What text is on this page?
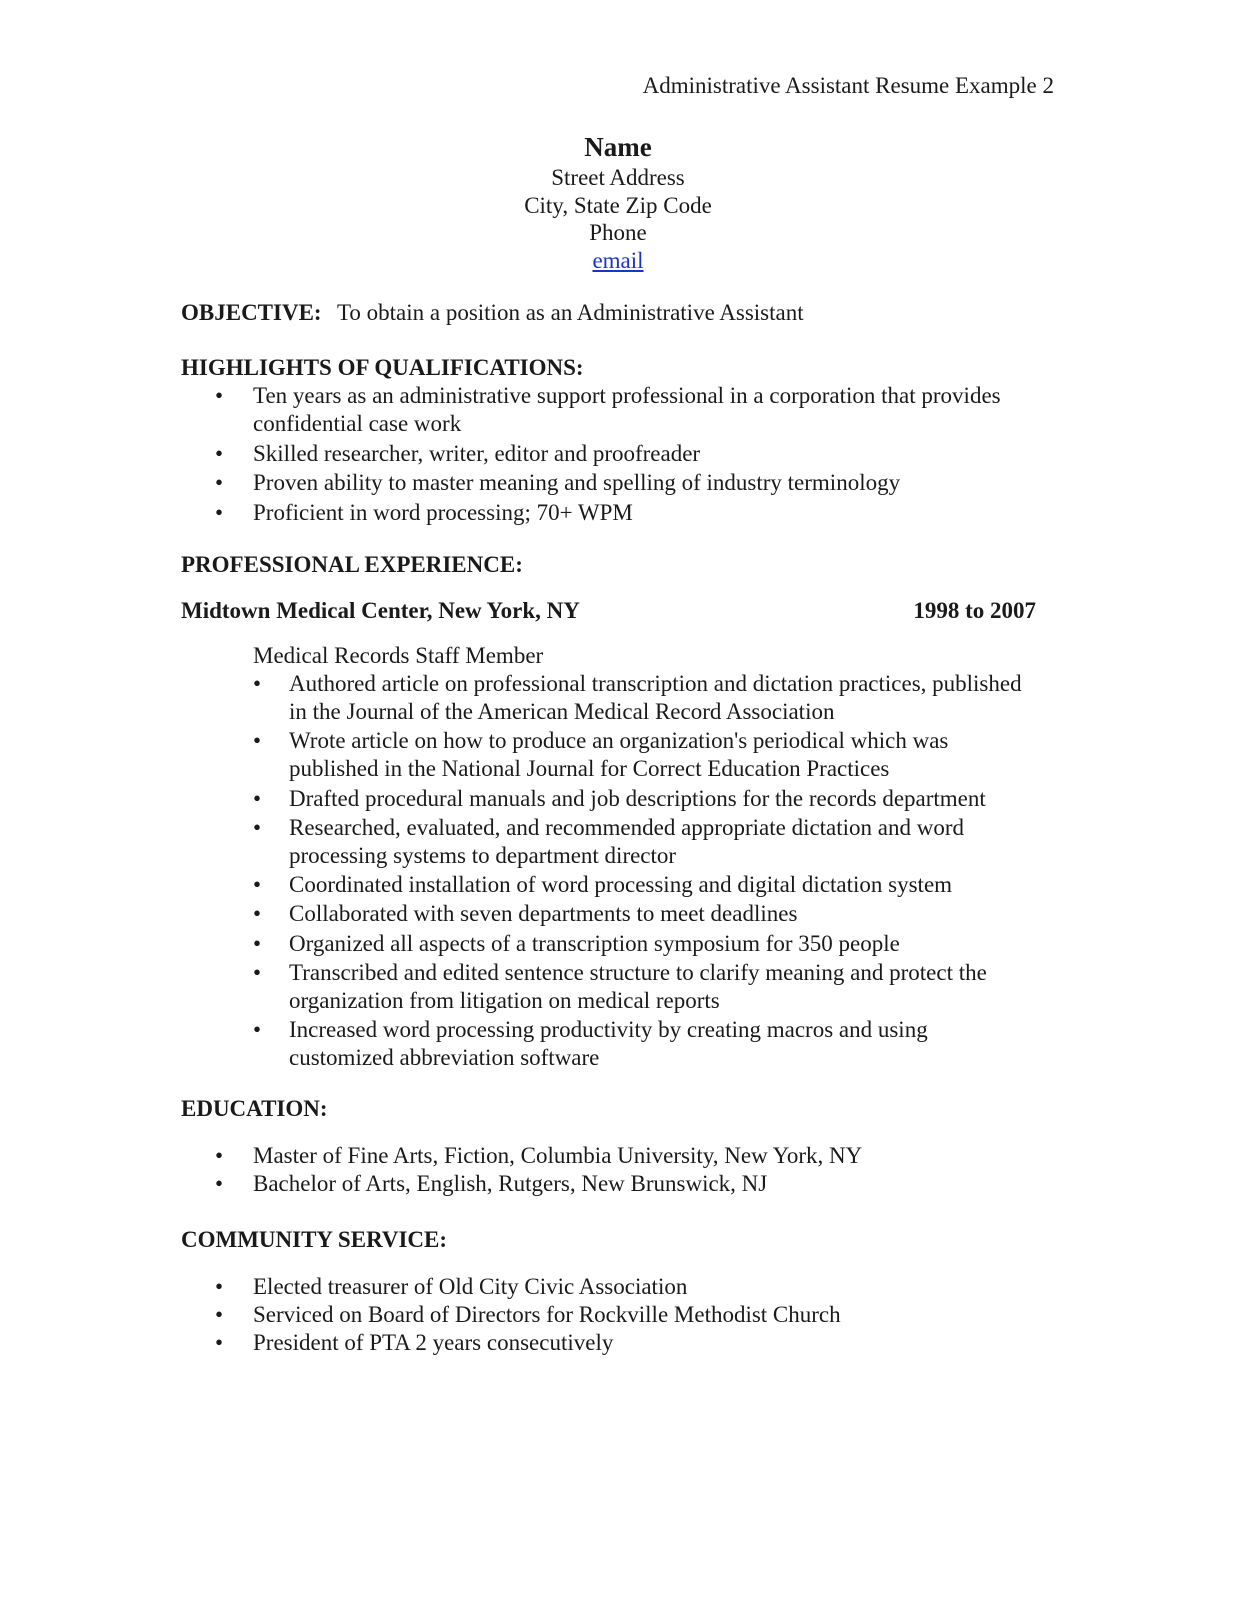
Administrative Assistant Resume Example 2
Name
Street Address
City, State Zip Code
Phone
email
OBJECTIVE: To obtain a position as an Administrative Assistant
HIGHLIGHTS OF QUALIFICATIONS:
• Ten years as an administrative support professional in a corporation that provides confidential case work
• Skilled researcher, writer, editor and proofreader
• Proven ability to master meaning and spelling of industry terminology
• Proficient in word processing; 70+ WPM
PROFESSIONAL EXPERIENCE:
Midtown Medical Center, New York, NY	1998 to 2007
Medical Records Staff Member
• Authored article on professional transcription and dictation practices, published in the Journal of the American Medical Record Association
• Wrote article on how to produce an organization's periodical which was published in the National Journal for Correct Education Practices
• Drafted procedural manuals and job descriptions for the records department
• Researched, evaluated, and recommended appropriate dictation and word processing systems to department director
• Coordinated installation of word processing and digital dictation system
• Collaborated with seven departments to meet deadlines
• Organized all aspects of a transcription symposium for 350 people
• Transcribed and edited sentence structure to clarify meaning and protect the organization from litigation on medical reports
• Increased word processing productivity by creating macros and using customized abbreviation software
EDUCATION:
• Master of Fine Arts, Fiction, Columbia University, New York, NY
• Bachelor of Arts, English, Rutgers, New Brunswick, NJ
COMMUNITY SERVICE:
• Elected treasurer of Old City Civic Association
• Serviced on Board of Directors for Rockville Methodist Church
• President of PTA 2 years consecutively
